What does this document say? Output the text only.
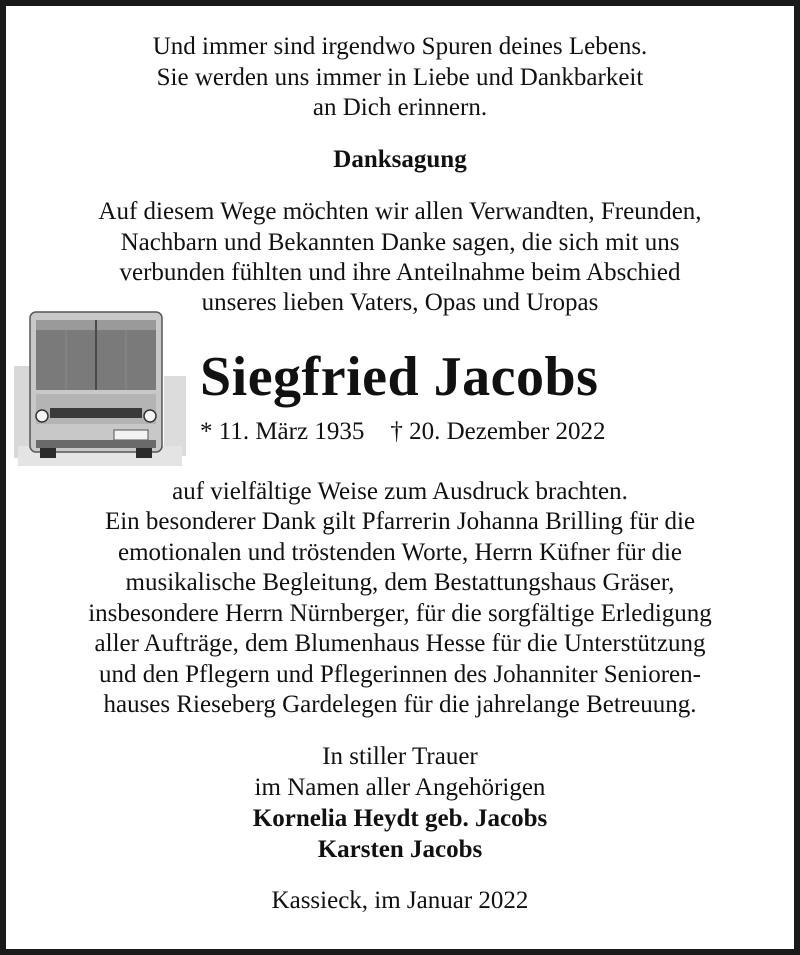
Und immer sind irgendwo Spuren deines Lebens.
Sie werden uns immer in Liebe und Dankbarkeit
an Dich erinnern.
Danksagung
Auf diesem Wege möchten wir allen Verwandten, Freunden,
Nachbarn und Bekannten Danke sagen, die sich mit uns
verbunden fühlten und ihre Anteilnahme beim Abschied
unseres lieben Vaters, Opas und Uropas
Siegfried Jacobs
* 11. März 1935 † 20. Dezember 2022
auf vielfältige Weise zum Ausdruck brachten.
Ein besonderer Dank gilt Pfarrerin Johanna Brilling für die
emotionalen und tröstenden Worte, Herrn Küfner für die
musikalische Begleitung, dem Bestattungshaus Gräser,
insbesondere Herrn Nürnberger, für die sorgfältige Erledigung
aller Aufträge, dem Blumenhaus Hesse für die Unterstützung
und den Pflegern und Pflegerinnen des Johanniter Senioren-
hauses Rieseberg Gardelegen für die jahrelange Betreuung.
In stiller Trauer
im Namen aller Angehörigen
Kornelia Heydt geb. Jacobs
Karsten Jacobs
Kassieck, im Januar 2022
